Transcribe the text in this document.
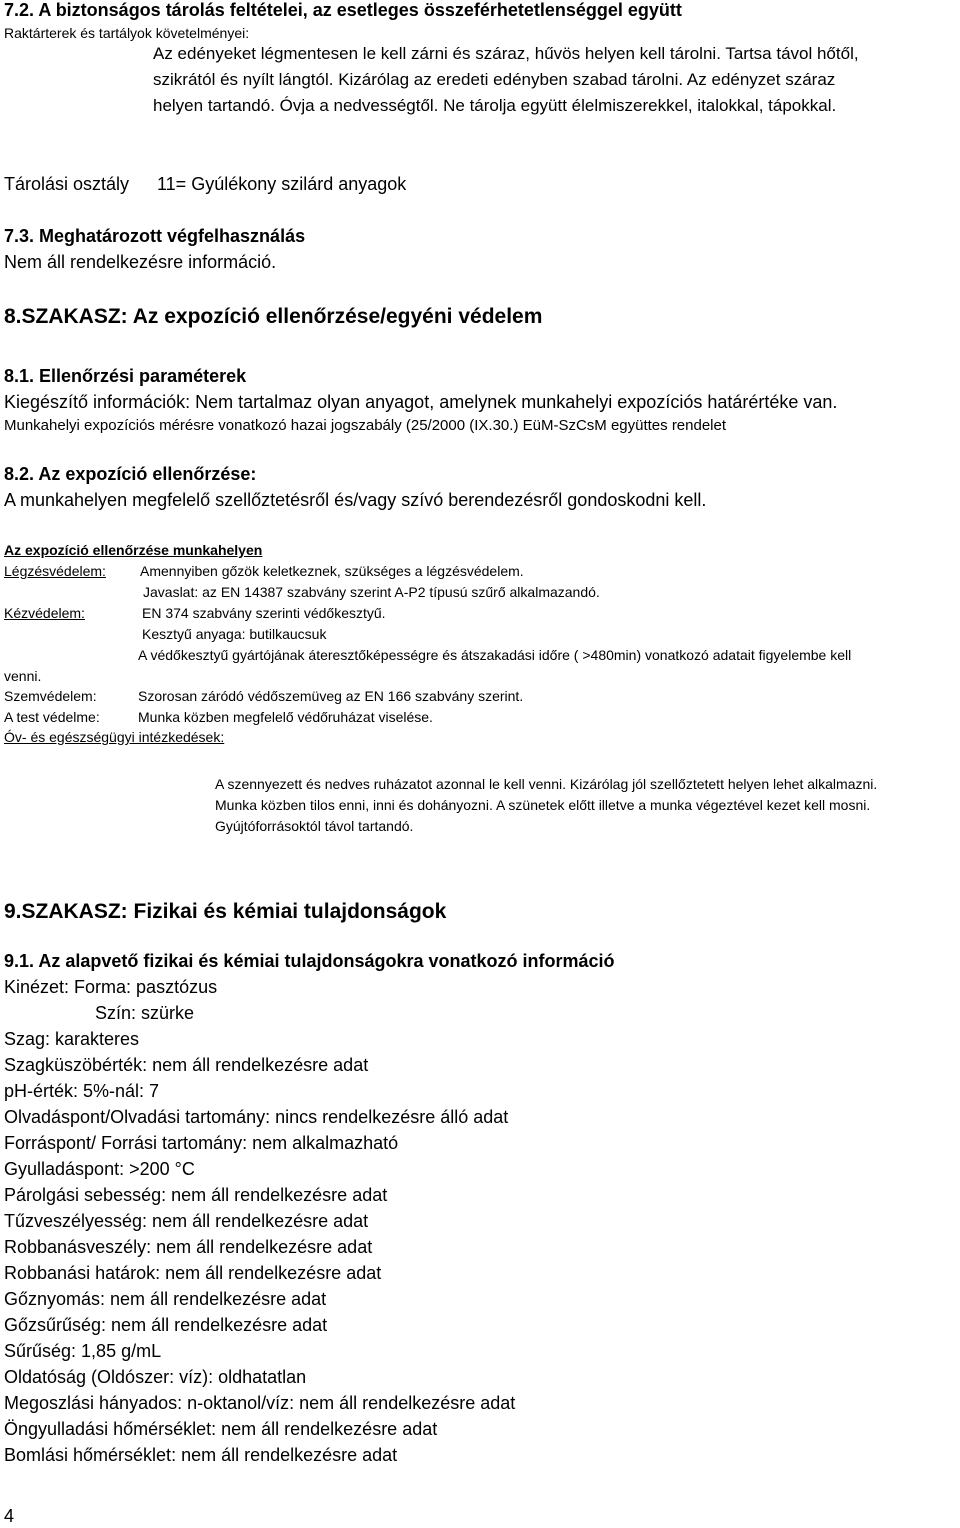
7.2. A biztonságos tárolás feltételei, az esetleges összeférhetetlenséggel együtt
Raktárterek és tartályok követelményei:
Az edényeket légmentesen le kell zárni és száraz, hűvös helyen kell tárolni. Tartsa távol hőtől,
szikrától és nyílt lángtól. Kizárólag az eredeti edényben szabad tárolni. Az edényzet száraz
helyen tartandó. Óvja a nedvességtől. Ne tárolja együtt élelmiszerekkel, italokkal, tápokkal.
Tárolási osztály 11= Gyúlékony szilárd anyagok
7.3. Meghatározott végfelhasználás
Nem áll rendelkezésre információ.
8.SZAKASZ: Az expozíció ellenőrzése/egyéni védelem
8.1. Ellenőrzési paraméterek
Kiegészítő információk: Nem tartalmaz olyan anyagot, amelynek munkahelyi expozíciós határértéke van.
Munkahelyi expozíciós mérésre vonatkozó hazai jogszabály (25/2000 (IX.30.) EüM-SzCsM együttes rendelet
8.2. Az expozíció ellenőrzése:
A munkahelyen megfelelő szellőztetésről és/vagy szívó berendezésről gondoskodni kell.
Az expozíció ellenőrzése munkahelyen
Légzésvédelem: Amennyiben gőzök keletkeznek, szükséges a légzésvédelem.
Javaslat: az EN 14387 szabvány szerint A-P2 típusú szűrő alkalmazandó.
Kézvédelem:	EN 374 szabvány szerinti védőkesztyű.
Kesztyű anyaga: butilkaucsuk
A védőkesztyű gyártójának áteresztőképességre és átszakadási időre ( >480min) vonatkozó adatait figyelembe kell
venni.
Szemvédelem:	Szorosan záródó védőszemüveg az EN 166 szabvány szerint.
A test védelme:	Munka közben megfelelő védőruházat viselése.
Óv- és egészségügyi intézkedések:
A szennyezett és nedves ruházatot azonnal le kell venni. Kizárólag jól szellőztetett helyen lehet alkalmazni.
Munka közben tilos enni, inni és dohányozni. A szünetek előtt illetve a munka végeztével kezet kell mosni.
Gyújtóforrásoktól távol tartandó.
9.SZAKASZ: Fizikai és kémiai tulajdonságok
9.1. Az alapvető fizikai és kémiai tulajdonságokra vonatkozó információ
Kinézet: Forma: pasztózus
Szín: szürke
Szag: karakteres
Szagküszöbérték: nem áll rendelkezésre adat
pH-érték: 5%-nál: 7
Olvadáspont/Olvadási tartomány: nincs rendelkezésre álló adat
Forráspont/ Forrási tartomány: nem alkalmazható
Gyulladáspont: >200 °C
Párolgási sebesség: nem áll rendelkezésre adat
Tűzveszélyesség: nem áll rendelkezésre adat
Robbanásveszély: nem áll rendelkezésre adat
Robbanási határok: nem áll rendelkezésre adat
Gőznyomás: nem áll rendelkezésre adat
Gőzsűrűség: nem áll rendelkezésre adat
Sűrűség: 1,85 g/mL
Oldatóság (Oldószer: víz): oldhatatlan
Megoszlási hányados: n-oktanol/víz: nem áll rendelkezésre adat
Öngyulladási hőmérséklet: nem áll rendelkezésre adat
Bomlási hőmérséklet: nem áll rendelkezésre adat
4
